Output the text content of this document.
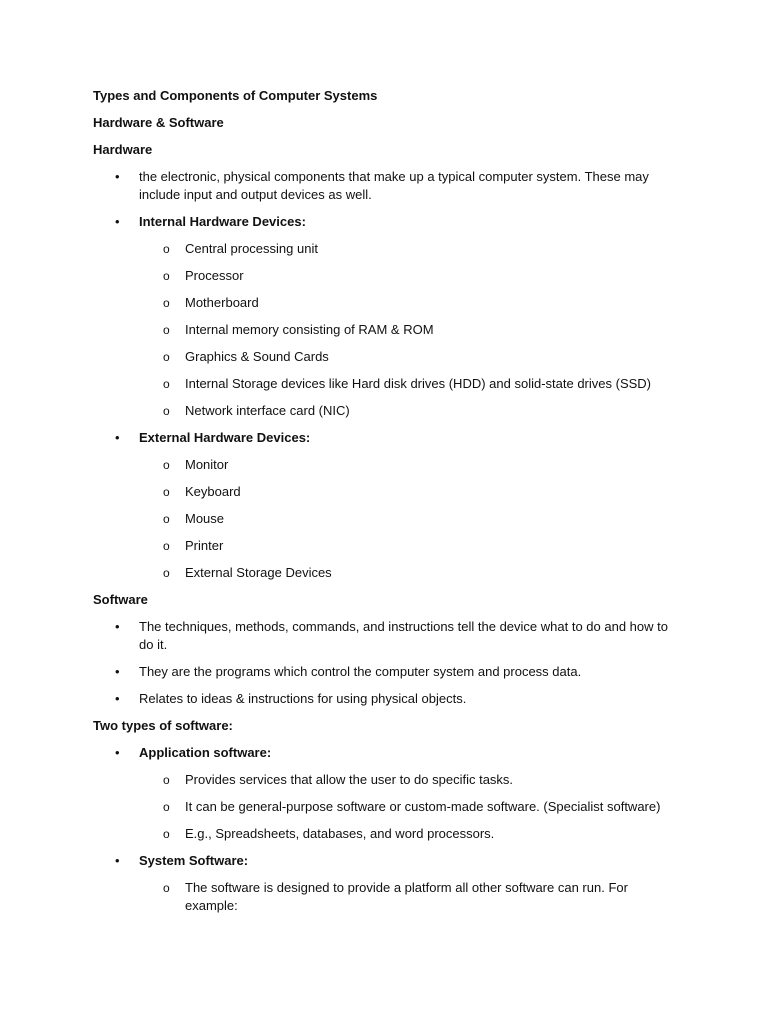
Types and Components of Computer Systems

Hardware & Software

Hardware

• the electronic, physical components that make up a typical computer system. These may include input and output devices as well.
• Internal Hardware Devices:
o Central processing unit
o Processor
o Motherboard
o Internal memory consisting of RAM & ROM
o Graphics & Sound Cards
o Internal Storage devices like Hard disk drives (HDD) and solid-state drives (SSD)
o Network interface card (NIC)
• External Hardware Devices:
o Monitor
o Keyboard
o Mouse
o Printer
o External Storage Devices

Software

• The techniques, methods, commands, and instructions tell the device what to do and how to do it.
• They are the programs which control the computer system and process data.
• Relates to ideas & instructions for using physical objects.

Two types of software:

• Application software:
o Provides services that allow the user to do specific tasks.
o It can be general-purpose software or custom-made software. (Specialist software)
o E.g., Spreadsheets, databases, and word processors.
• System Software:
o The software is designed to provide a platform all other software can run. For example:
